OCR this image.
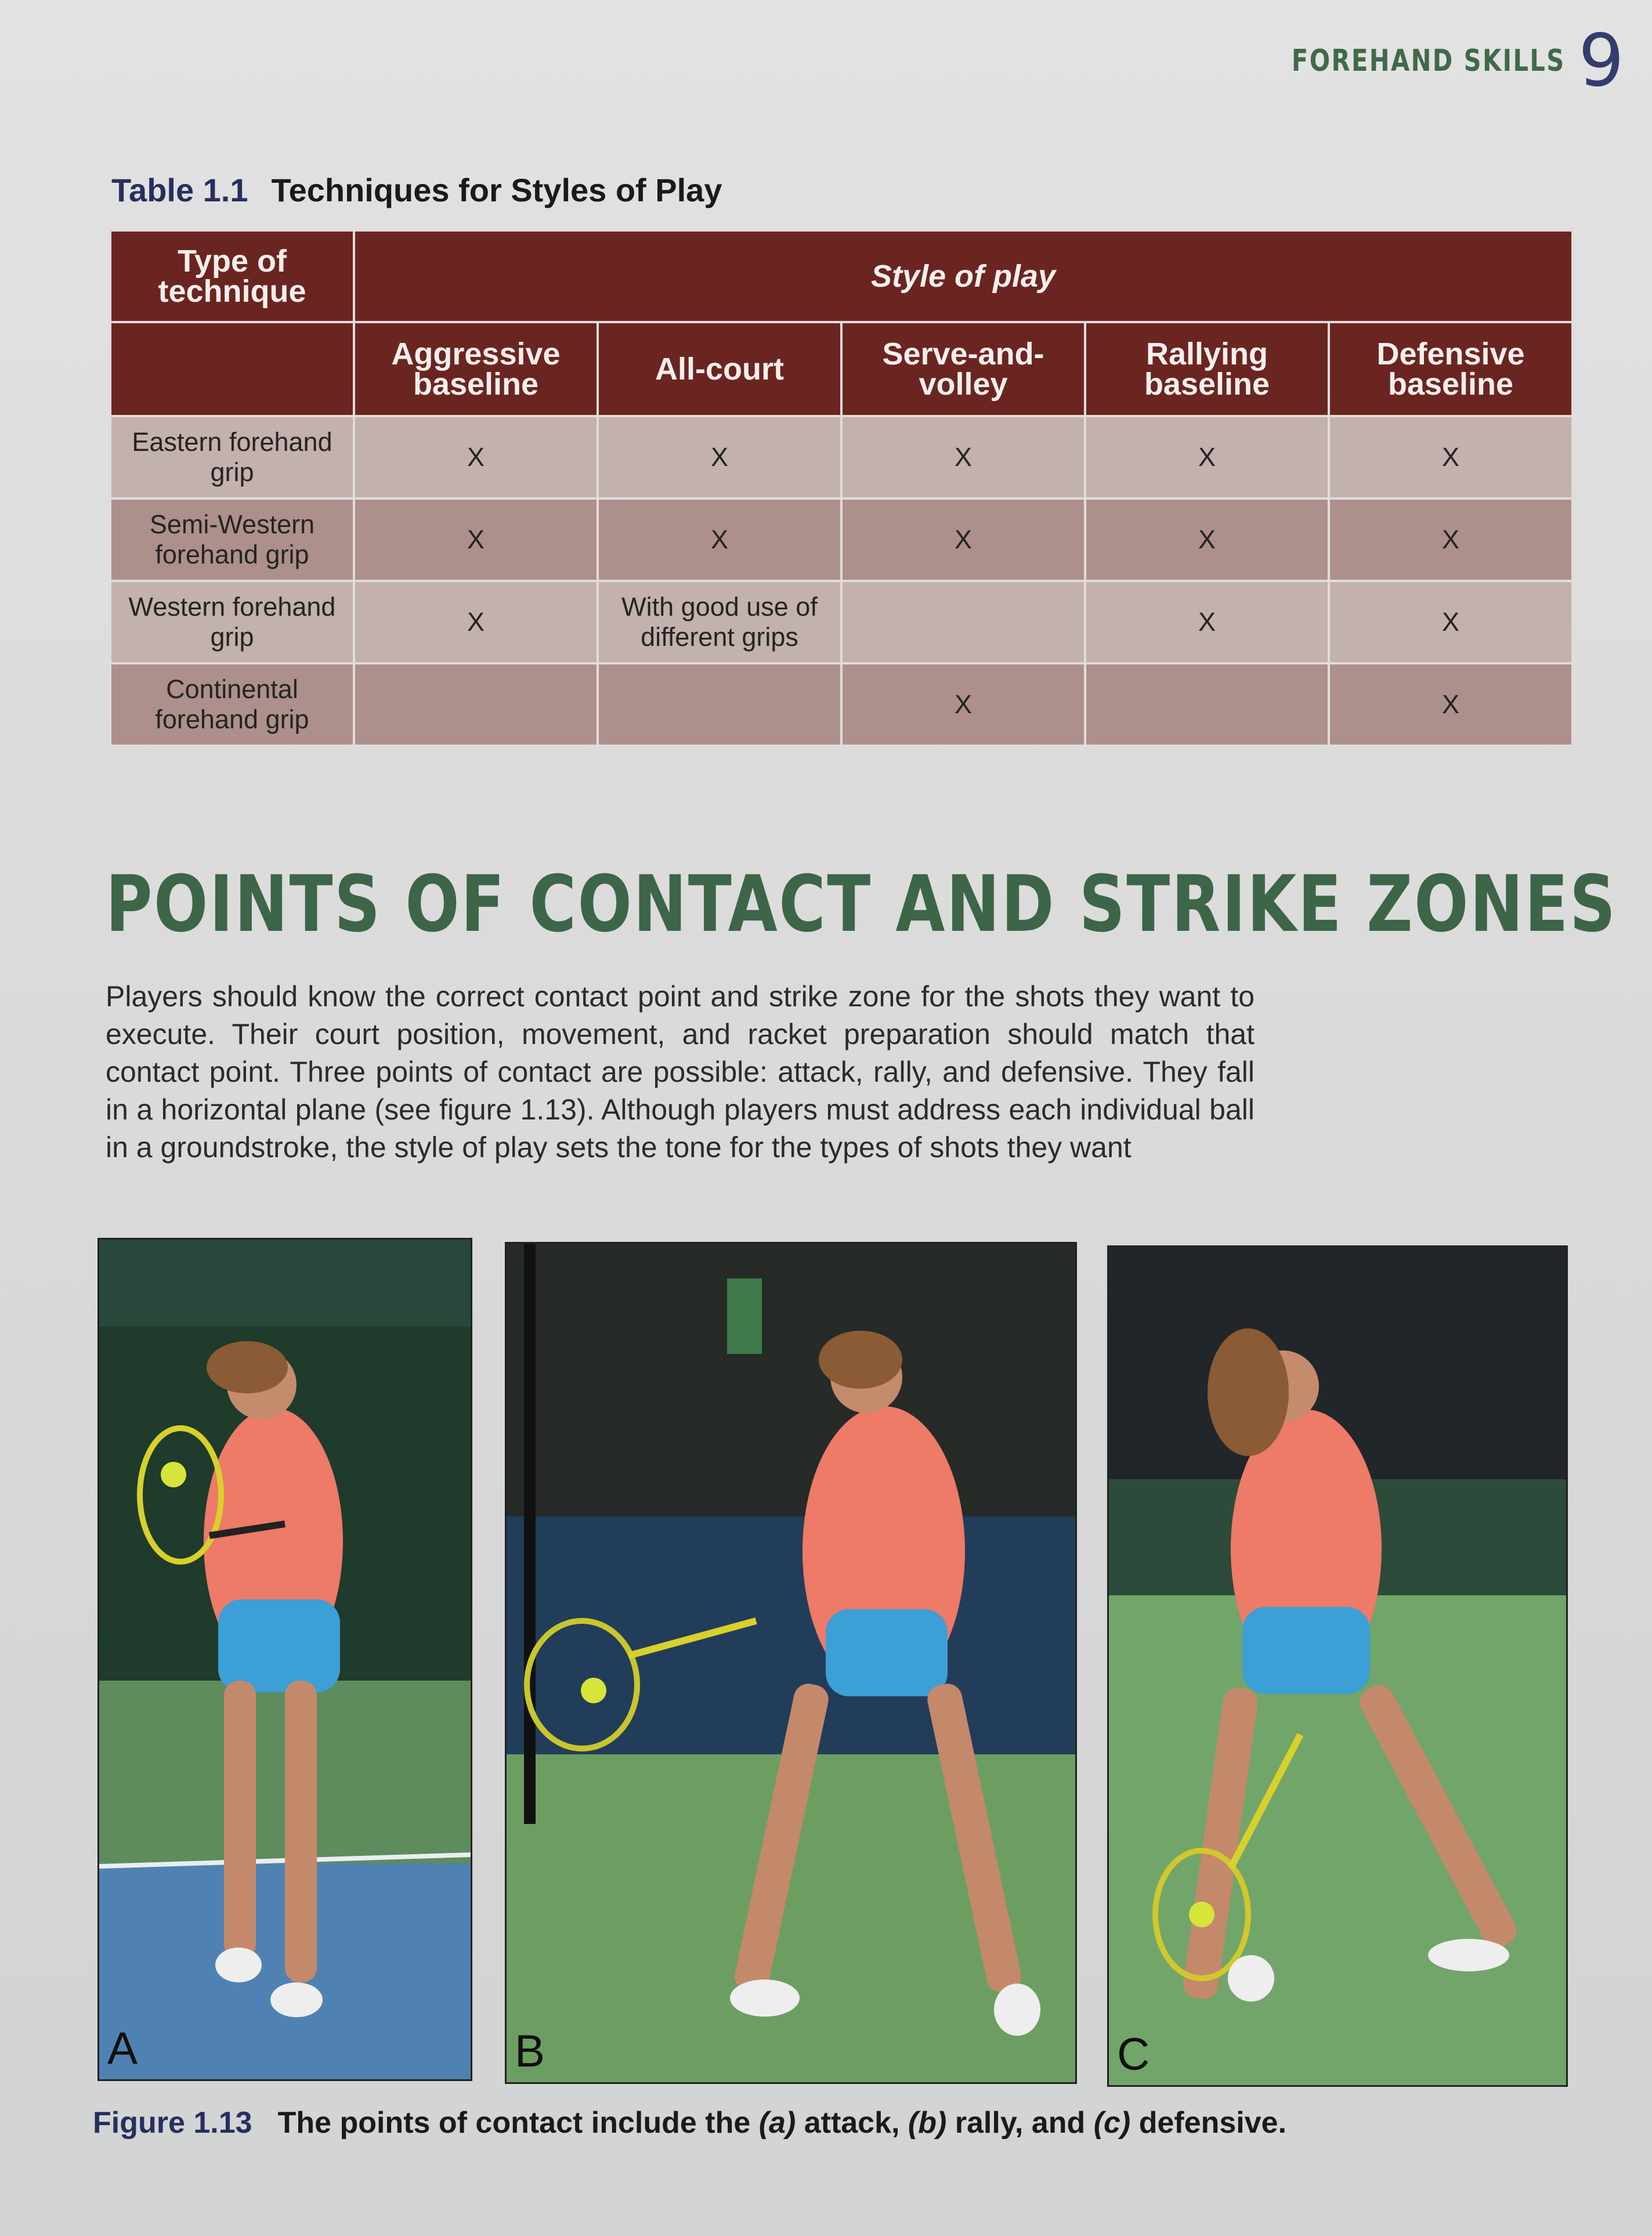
FOREHAND SKILLS 9
Table 1.1 Techniques for Styles of Play
Type of technique	Style of play				
	Aggressive baseline	All-court	Serve-and-volley	Rallying baseline	Defensive baseline
Eastern forehand grip	X	X	X	X	X
Semi-Western forehand grip	X	X	X	X	X
Western forehand grip	X	With good use of different grips		X	X
Continental forehand grip			X		X
POINTS OF CONTACT AND STRIKE ZONES

Players should know the correct contact point and strike zone for the shots they want to execute. Their court position, movement, and racket preparation should match that contact point. Three points of contact are possible: attack, rally, and defensive. They fall in a horizontal plane (see figure 1.13). Although players must address each individual ball in a groundstroke, the style of play sets the tone for the types of shots they want

A	B	C
Figure 1.13 The points of contact include the (a) attack, (b) rally, and (c) defensive.
